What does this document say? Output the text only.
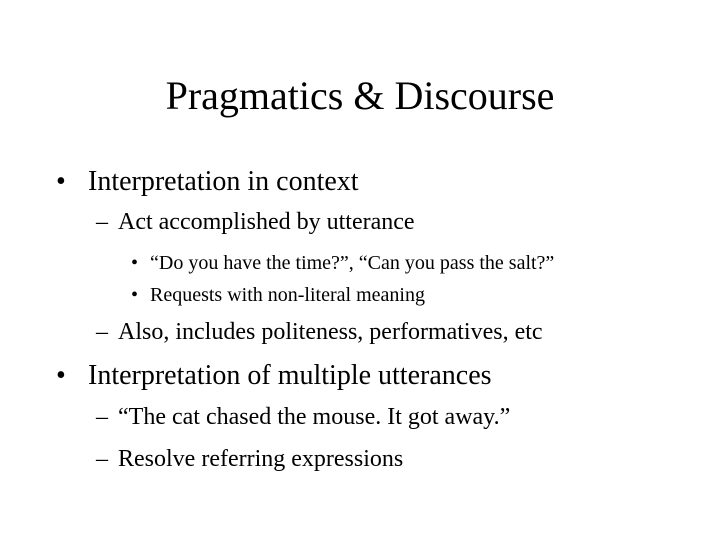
Pragmatics & Discourse
• Interpretation in context
– Act accomplished by utterance
• “Do you have the time?”, “Can you pass the salt?”
• Requests with non-literal meaning
– Also, includes politeness, performatives, etc
• Interpretation of multiple utterances
– “The cat chased the mouse. It got away.”
– Resolve referring expressions
